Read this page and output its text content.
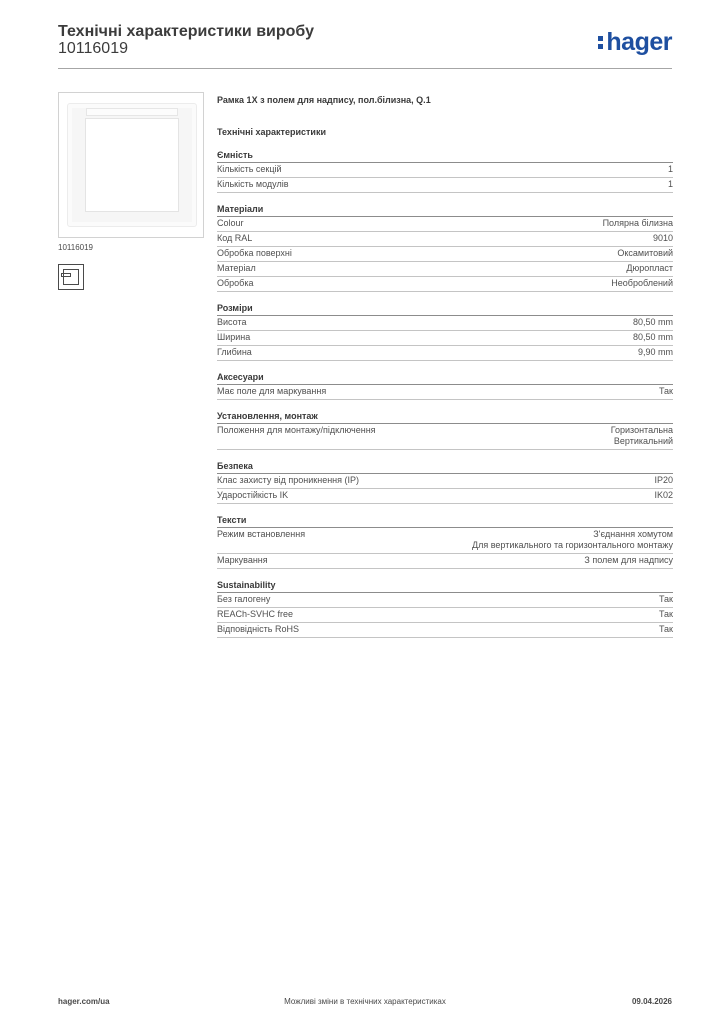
Технічні характеристики виробу
10116019	hager
10116019
Рамка 1X з полем для надпису, пол.білизна, Q.1
Технічні характеристики
Ємність
Кількість секцій	1
Кількість модулів	1
Матеріали
Colour	Полярна білизна
Код RAL	9010
Обробка поверхні	Оксамитовий
Матеріал	Дюропласт
Обробка	Необроблений
Розміри
Висота	80,50 mm
Ширина	80,50 mm
Глибина	9,90 mm
Аксесуари
Має поле для маркування	Так
Установлення, монтаж
Положення для монтажу/підключення	Горизонтальна
Вертикальний
Безпека
Клас захисту від проникнення (IP)	IP20
Ударостійкість IK	IK02
Тексти
Режим встановлення	З'єднання хомутом
Для вертикального та горизонтального монтажу
Маркування	З полем для надпису
Sustainability
Без галогену	Так
REACh-SVHC free	Так
Відповідність RoHS	Так
hager.com/ua	Можливі зміни в технічних характеристиках	09.04.2026
